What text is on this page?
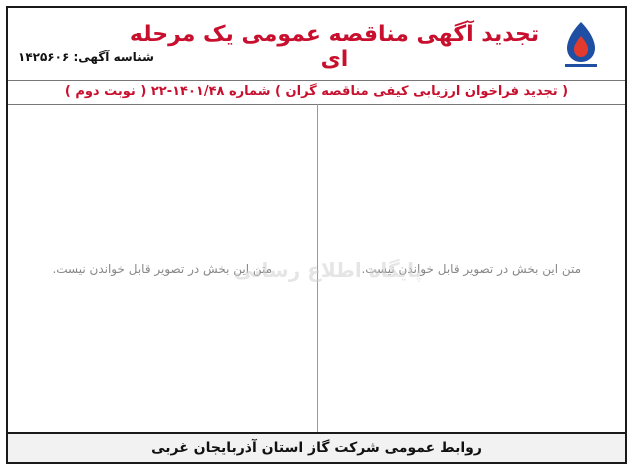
تجدید آگهی مناقصه عمومی یک مرحله ای
شناسه آگهی: ۱۴۲۵۶۰۶
( تجدید فراخوان ارزیابی کیفی مناقصه گران ) شماره ۱۴۰۱/۴۸-۲۲ ( نوبت دوم )
متن این بخش در تصویر قابل خواندن نیست.
متن این بخش در تصویر قابل خواندن نیست.
پایگاه اطلاع رسانی
روابط عمومی شرکت گاز استان آذربایجان غربی
